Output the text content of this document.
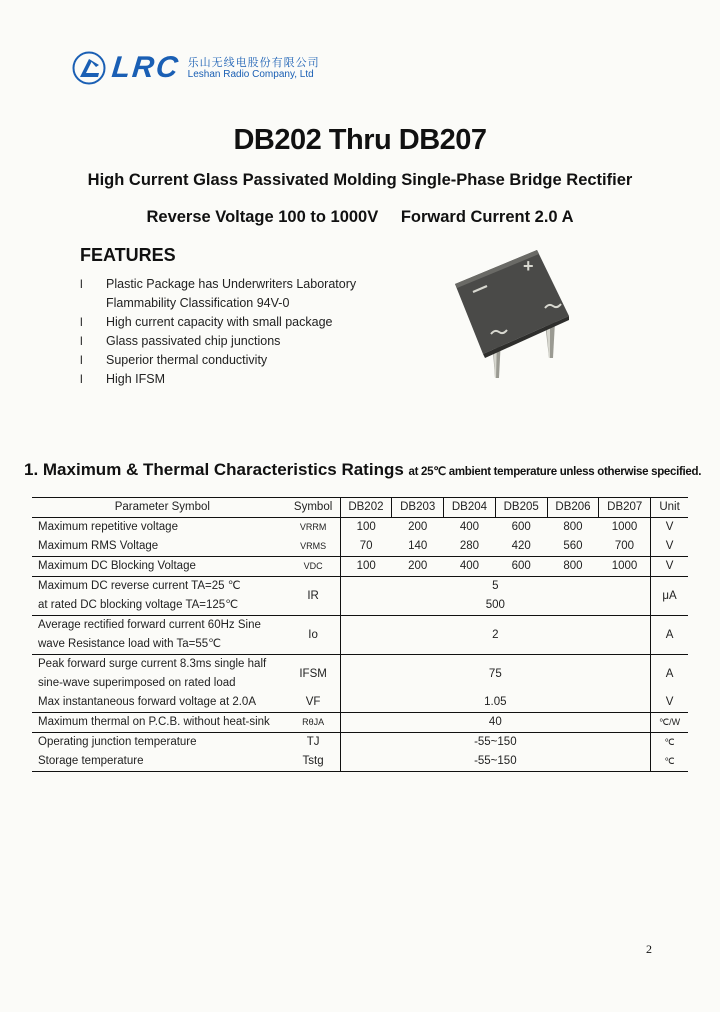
LRC 乐山无线电股份有限公司
Leshan Radio Company, Ltd
DB202 Thru DB207
High Current Glass Passivated Molding Single-Phase Bridge Rectifier
Reverse Voltage 100 to 1000V Forward Current 2.0 A
FEATURES
l	Plastic Package has Underwriters Laboratory Flammability Classification 94V-0
l	High current capacity with small package
l	Glass passivated chip junctions
l	Superior thermal conductivity
l	High IFSM
+
1. Maximum & Thermal Characteristics Ratings at 25℃ ambient temperature unless otherwise specified.
Parameter Symbol	Symbol	DB202	DB203	DB204	DB205	DB206	DB207	Unit
Maximum repetitive voltage	VRRM	100	200	400	600	800	1000	V
Maximum RMS Voltage	VRMS	70	140	280	420	560	700	V
Maximum DC Blocking Voltage	VDC	100	200	400	600	800	1000	V
Maximum DC reverse current TA=25 ℃	IR	5						μA
at rated DC blocking voltage TA=125℃		500						
Average rectified forward current 60Hz Sine	Io	2						A
wave Resistance load with Ta=55℃								
Peak forward surge current 8.3ms single half	IFSM	75						A
sine-wave superimposed on rated load								
Max instantaneous forward voltage at 2.0A	VF	1.05						V
Maximum thermal on P.C.B. without heat-sink	RθJA	40						℃/W
Operating junction temperature	TJ	-55~150						℃
Storage temperature	Tstg	-55~150						℃
2
